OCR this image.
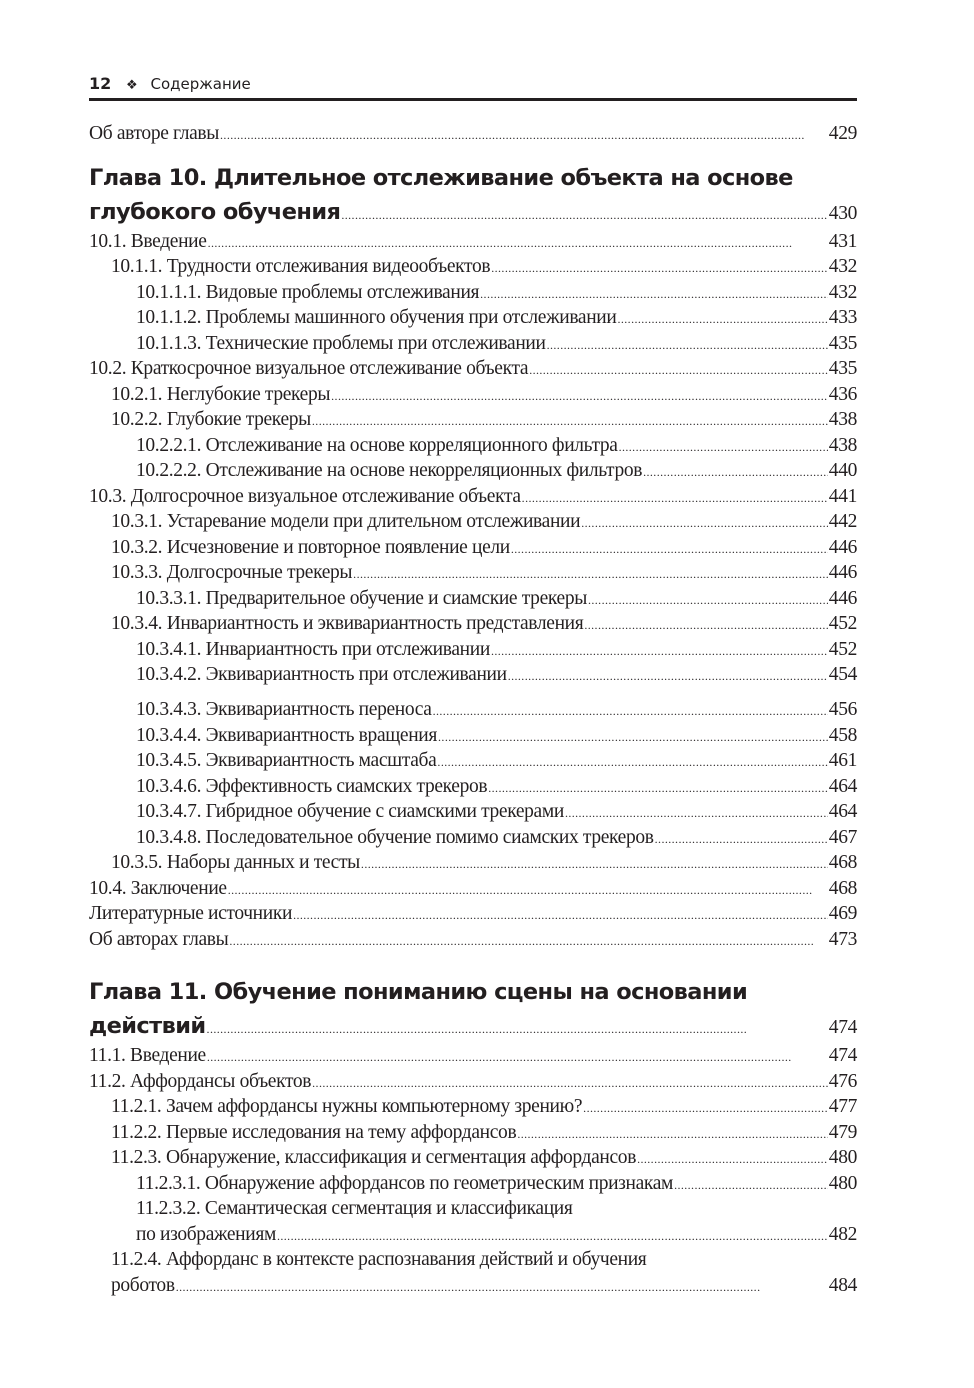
12 ❖ Содержание
Об авторе главы . . .	429
Глава 10. Длительное отслеживание объекта на основе
глубокого обучения . . .	430
10.1. Введение . . .	431
10.1.1. Трудности отслеживания видеообъектов . . .	432
10.1.1.1. Видовые проблемы отслеживания . . .	432
10.1.1.2. Проблемы машинного обучения при отслеживании . . .	433
10.1.1.3. Технические проблемы при отслеживании . . .	435
10.2. Краткосрочное визуальное отслеживание объекта . . .	435
10.2.1. Неглубокие трекеры . . .	436
10.2.2. Глубокие трекеры . . .	438
10.2.2.1. Отслеживание на основе корреляционного фильтра . . .	438
10.2.2.2. Отслеживание на основе некорреляционных фильтров . . .	440
10.3. Долгосрочное визуальное отслеживание объекта . . .	441
10.3.1. Устаревание модели при длительном отслеживании . . .	442
10.3.2. Исчезновение и повторное появление цели . . .	446
10.3.3. Долгосрочные трекеры . . .	446
10.3.3.1. Предварительное обучение и сиамские трекеры . . .	446
10.3.4. Инвариантность и эквивариантность представления . . .	452
10.3.4.1. Инвариантность при отслеживании . . .	452
10.3.4.2. Эквивариантность при отслеживании . . .	454
10.3.4.3. Эквивариантность переноса . . .	456
10.3.4.4. Эквивариантность вращения . . .	458
10.3.4.5. Эквивариантность масштаба . . .	461
10.3.4.6. Эффективность сиамских трекеров . . .	464
10.3.4.7. Гибридное обучение с сиамскими трекерами . . .	464
10.3.4.8. Последовательное обучение помимо сиамских трекеров . . .	467
10.3.5. Наборы данных и тесты . . .	468
10.4. Заключение . . .	468
Литературные источники . . .	469
Об авторах главы . . .	473
Глава 11. Обучение пониманию сцены на основании
действий . . .	474
11.1. Введение . . .	474
11.2. Аффордансы объектов . . .	476
11.2.1. Зачем аффордансы нужны компьютерному зрению? . . .	477
11.2.2. Первые исследования на тему аффордансов . . .	479
11.2.3. Обнаружение, классификация и сегментация аффордансов . . .	480
11.2.3.1. Обнаружение аффордансов по геометрическим признакам . . .	480
11.2.3.2. Семантическая сегментация и классификация
по изображениям . . .	482
11.2.4. Аффорданс в контексте распознавания действий и обучения
роботов . . .	484
